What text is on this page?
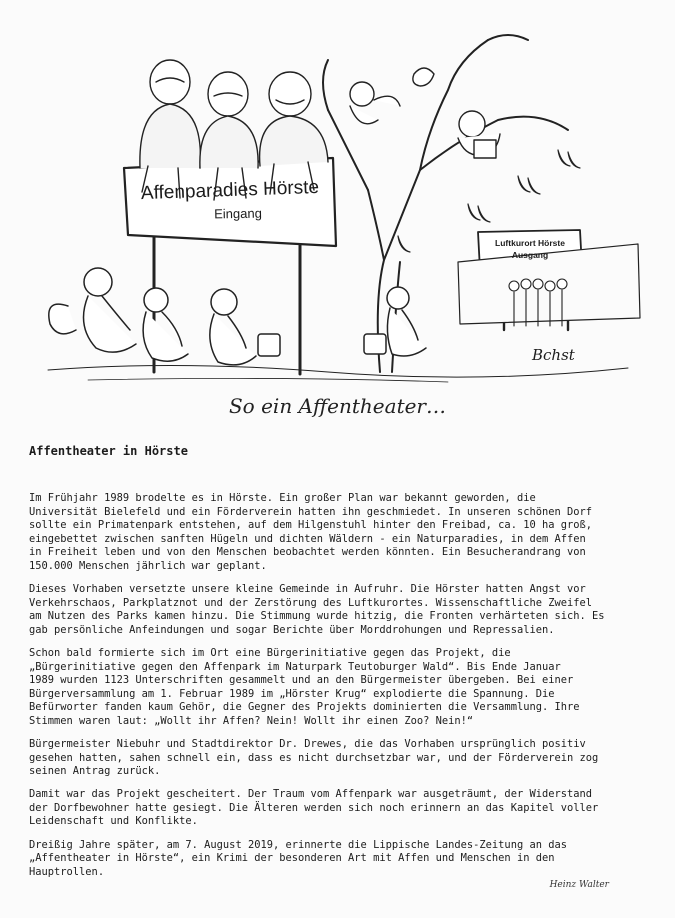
Affenparadies Hörste
Eingang
Luftkurort Hörste
Ausgang
Bchst
So ein Affentheater…
Affentheater in Hörste

Im Frühjahr 1989 brodelte es in Hörste. Ein großer Plan war bekannt geworden, die
Universität Bielefeld und ein Förderverein hatten ihn geschmiedet. In unseren schönen Dorf
sollte ein Primatenpark entstehen, auf dem Hilgenstuhl hinter den Freibad, ca. 10 ha groß,
eingebettet zwischen sanften Hügeln und dichten Wäldern - ein Naturparadies, in dem Affen
in Freiheit leben und von den Menschen beobachtet werden könnten. Ein Besucherandrang von
150.000 Menschen jährlich war geplant.

Dieses Vorhaben versetzte unsere kleine Gemeinde in Aufruhr. Die Hörster hatten Angst vor
Verkehrschaos, Parkplatznot und der Zerstörung des Luftkurortes. Wissenschaftliche Zweifel
am Nutzen des Parks kamen hinzu. Die Stimmung wurde hitzig, die Fronten verhärteten sich. Es
gab persönliche Anfeindungen und sogar Berichte über Morddrohungen und Repressalien.

Schon bald formierte sich im Ort eine Bürgerinitiative gegen das Projekt, die
„Bürgerinitiative gegen den Affenpark im Naturpark Teutoburger Wald“. Bis Ende Januar
1989 wurden 1123 Unterschriften gesammelt und an den Bürgermeister übergeben. Bei einer
Bürgerversammlung am 1. Februar 1989 im „Hörster Krug“ explodierte die Spannung. Die
Befürworter fanden kaum Gehör, die Gegner des Projekts dominierten die Versammlung. Ihre
Stimmen waren laut: „Wollt ihr Affen? Nein! Wollt ihr einen Zoo? Nein!“

Bürgermeister Niebuhr und Stadtdirektor Dr. Drewes, die das Vorhaben ursprünglich positiv
gesehen hatten, sahen schnell ein, dass es nicht durchsetzbar war, und der Förderverein zog
seinen Antrag zurück.

Damit war das Projekt gescheitert. Der Traum vom Affenpark war ausgeträumt, der Widerstand
der Dorfbewohner hatte gesiegt. Die Älteren werden sich noch erinnern an das Kapitel voller
Leidenschaft und Konflikte.

Dreißig Jahre später, am 7. August 2019, erinnerte die Lippische Landes-Zeitung an das
„Affentheater in Hörste“, ein Krimi der besonderen Art mit Affen und Menschen in den
Hauptrollen.

Heinz Walter
